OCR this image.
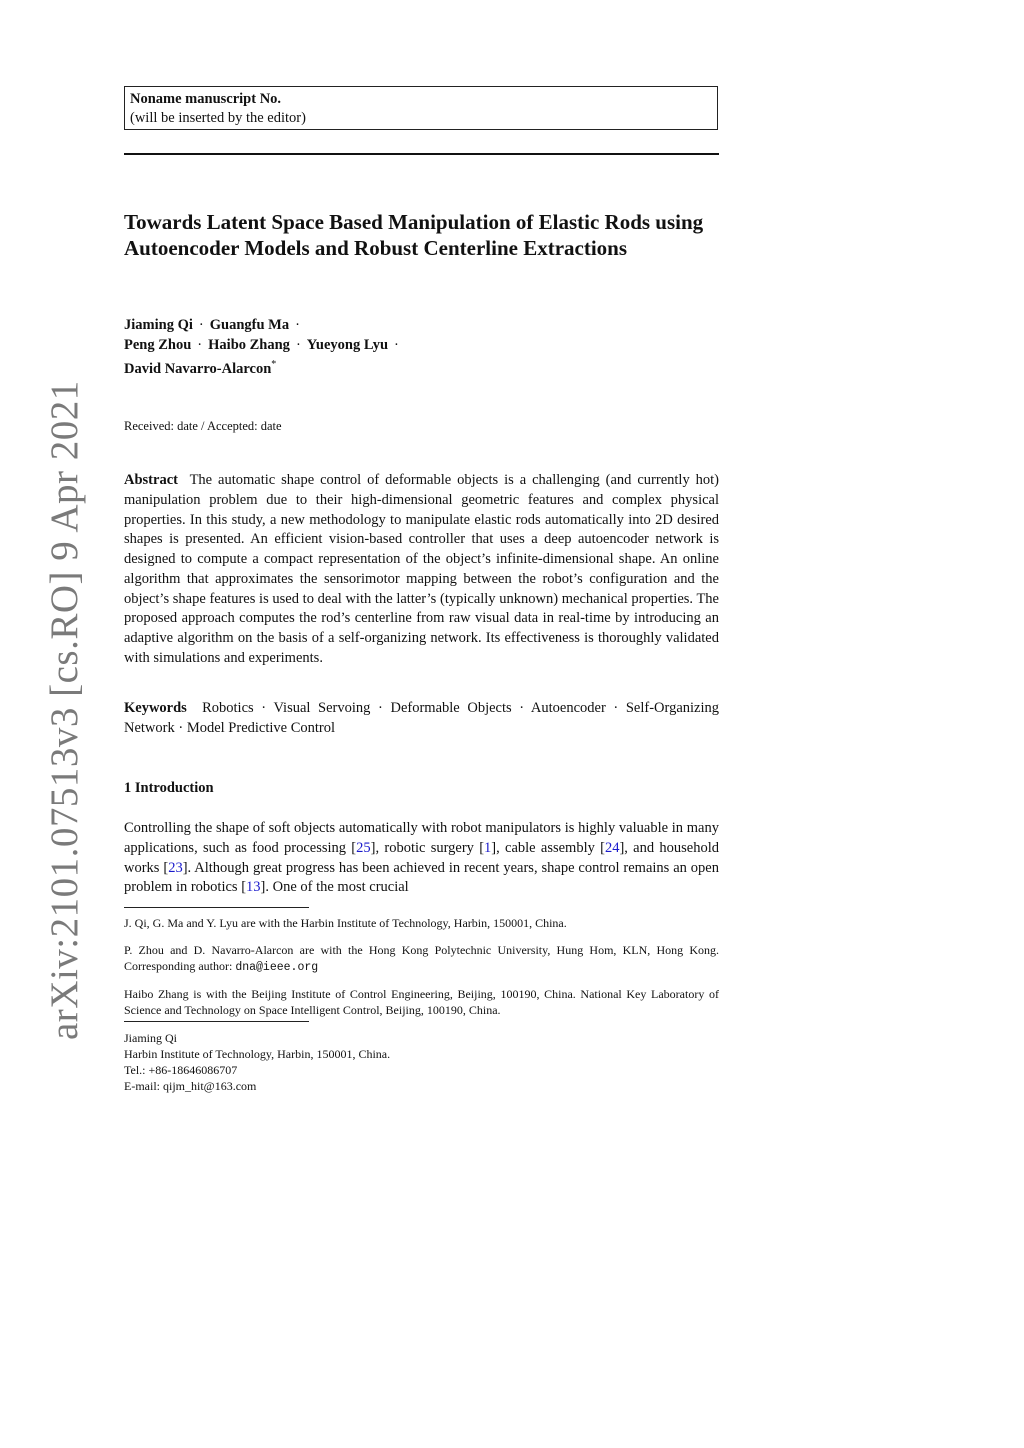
arXiv:2101.07513v3 [cs.RO] 9 Apr 2021
Noname manuscript No.
(will be inserted by the editor)
Towards Latent Space Based Manipulation of Elastic Rods using Autoencoder Models and Robust Centerline Extractions
Jiaming Qi · Guangfu Ma ·
Peng Zhou · Haibo Zhang · Yueyong Lyu ·
David Navarro-Alarcon*
Received: date / Accepted: date
Abstract The automatic shape control of deformable objects is a challenging (and currently hot) manipulation problem due to their high-dimensional geometric features and complex physical properties. In this study, a new methodology to manipulate elastic rods automatically into 2D desired shapes is presented. An efficient vision-based controller that uses a deep autoencoder network is designed to compute a compact representation of the object’s infinite-dimensional shape. An online algorithm that approximates the sensorimotor mapping between the robot’s configuration and the object’s shape features is used to deal with the latter’s (typically unknown) mechanical properties. The proposed approach computes the rod’s centerline from raw visual data in real-time by introducing an adaptive algorithm on the basis of a self-organizing network. Its effectiveness is thoroughly validated with simulations and experiments.
Keywords Robotics · Visual Servoing · Deformable Objects · Autoencoder · Self-Organizing Network · Model Predictive Control
1 Introduction
Controlling the shape of soft objects automatically with robot manipulators is highly valuable in many applications, such as food processing [25], robotic surgery [1], cable assembly [24], and household works [23]. Although great progress has been achieved in recent years, shape control remains an open problem in robotics [13]. One of the most crucial
J. Qi, G. Ma and Y. Lyu are with the Harbin Institute of Technology, Harbin, 150001, China.
P. Zhou and D. Navarro-Alarcon are with the Hong Kong Polytechnic University, Hung Hom, KLN, Hong Kong. Corresponding author: dna@ieee.org
Haibo Zhang is with the Beijing Institute of Control Engineering, Beijing, 100190, China. National Key Laboratory of Science and Technology on Space Intelligent Control, Beijing, 100190, China.
Jiaming Qi
Harbin Institute of Technology, Harbin, 150001, China.
Tel.: +86-18646086707
E-mail: qijm_hit@163.com
